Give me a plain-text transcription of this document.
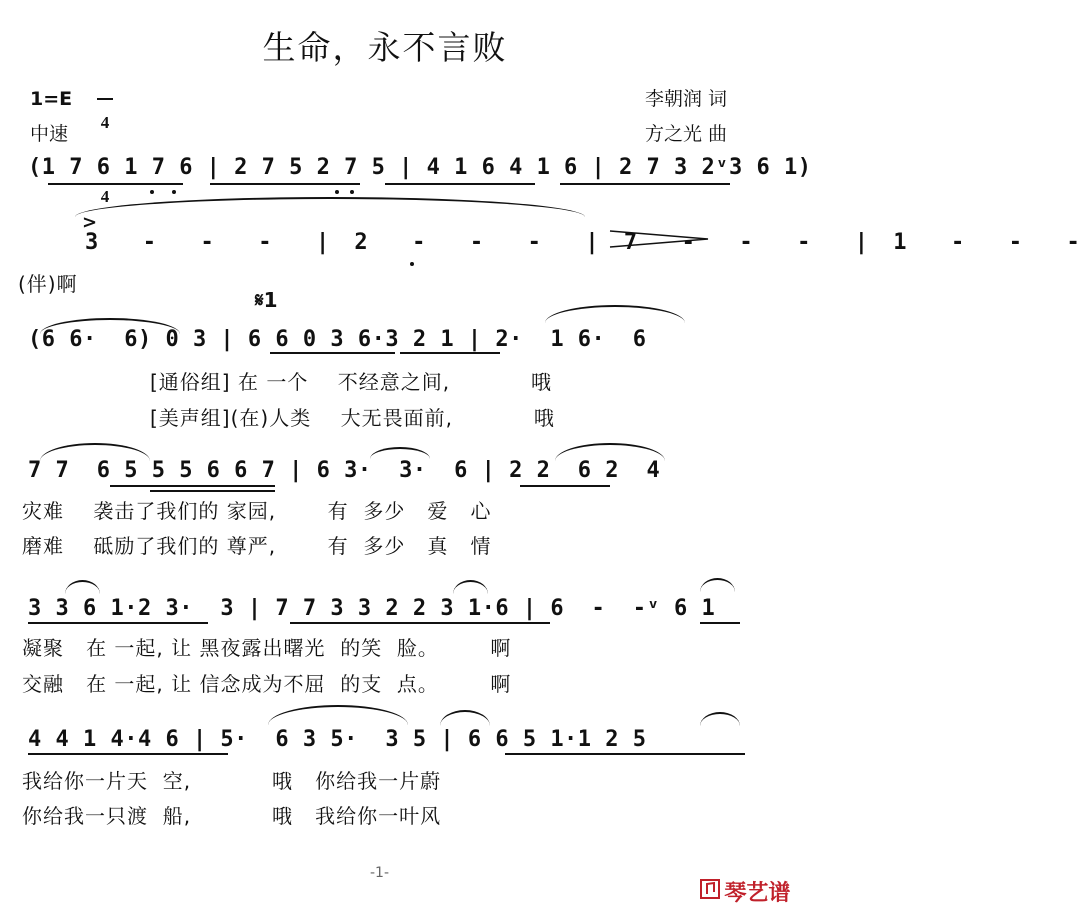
生命，永不言败
1=E

4

4

中速
李朝润 词
方之光 曲
(1 7 6 1 7 6 | 2 7 5 2 7 5 | 4 1 6 4 1 6 | 2 7 3 2ᵛ3 6 1)
>
3  -  -  -  | 2  -  -  -  | 7  -  -  -  | 1  -  -  -

(伴)啊
𝄋1
(6 6·  6) 0 3 | 6 6 0 3 6·3 2 1 | 2·  1 6·  6
[通俗组] 在 一个    不经意之间,           哦
[美声组](在)人类    大无畏面前,           哦
7 7  6 5 5 5 6 6 7 | 6 3·  3·  6 | 2 2  6 2  4
灾难    袭击了我们的 家园,       有  多少   爱   心
磨难    砥励了我们的 尊严,       有  多少   真   情
3 3 6 1·2 3·  3 | 7 7 3 3 2 2 3 1·6 | 6  -  -ᵛ 6 1
凝聚   在 一起, 让 黑夜露出曙光  的笑  脸。       啊
交融   在 一起, 让 信念成为不屈  的支  点。       啊
4 4 1 4·4 6 | 5·  6 3 5·  3 5 | 6 6 5 1·1 2 5
我给你一片天  空,           哦   你给我一片蔚
你给我一只渡  船,           哦   我给你一叶风
-1-

琴艺谱
